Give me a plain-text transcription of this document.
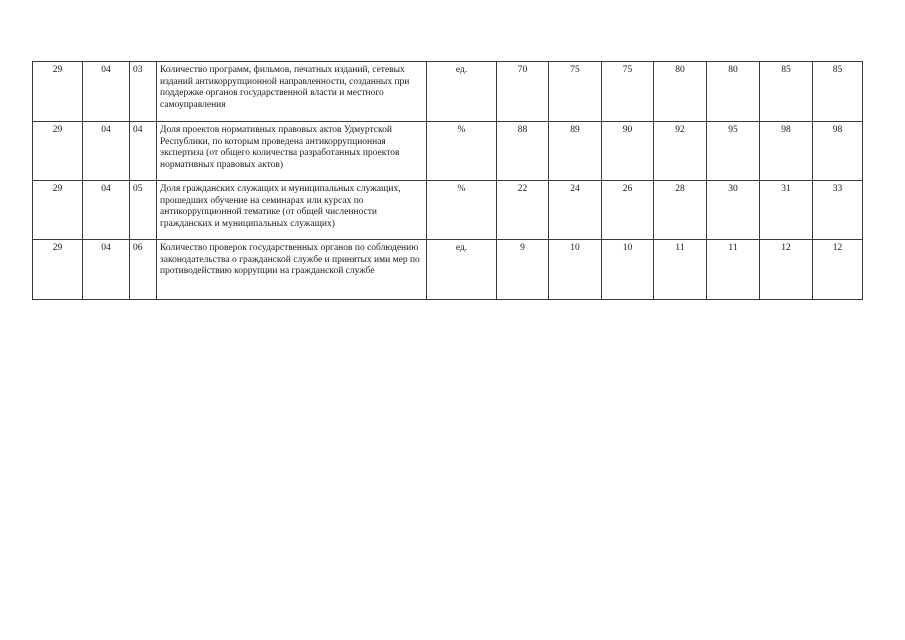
29	04	03	Количество программ, фильмов, печатных изданий, сетевых изданий антикоррупционной направленности, созданных при поддержке органов государственной власти и местного самоуправления	ед.	70	75	75	80	80	85	85
29	04	04	Доля проектов нормативных правовых актов Удмуртской Республики, по которым проведена антикоррупционная экспертиза (от общего количества разработанных проектов нормативных правовых актов)	%	88	89	90	92	95	98	98
29	04	05	Доля гражданских служащих и муниципальных служащих, прошедших обучение на семинарах или курсах по антикоррупционной тематике (от общей численности гражданских и муниципальных служащих)	%	22	24	26	28	30	31	33
29	04	06	Количество проверок государственных органов по соблюдению законодательства о гражданской службе и принятых ими мер по противодействию коррупции на гражданской службе	ед.	9	10	10	11	11	12	12
